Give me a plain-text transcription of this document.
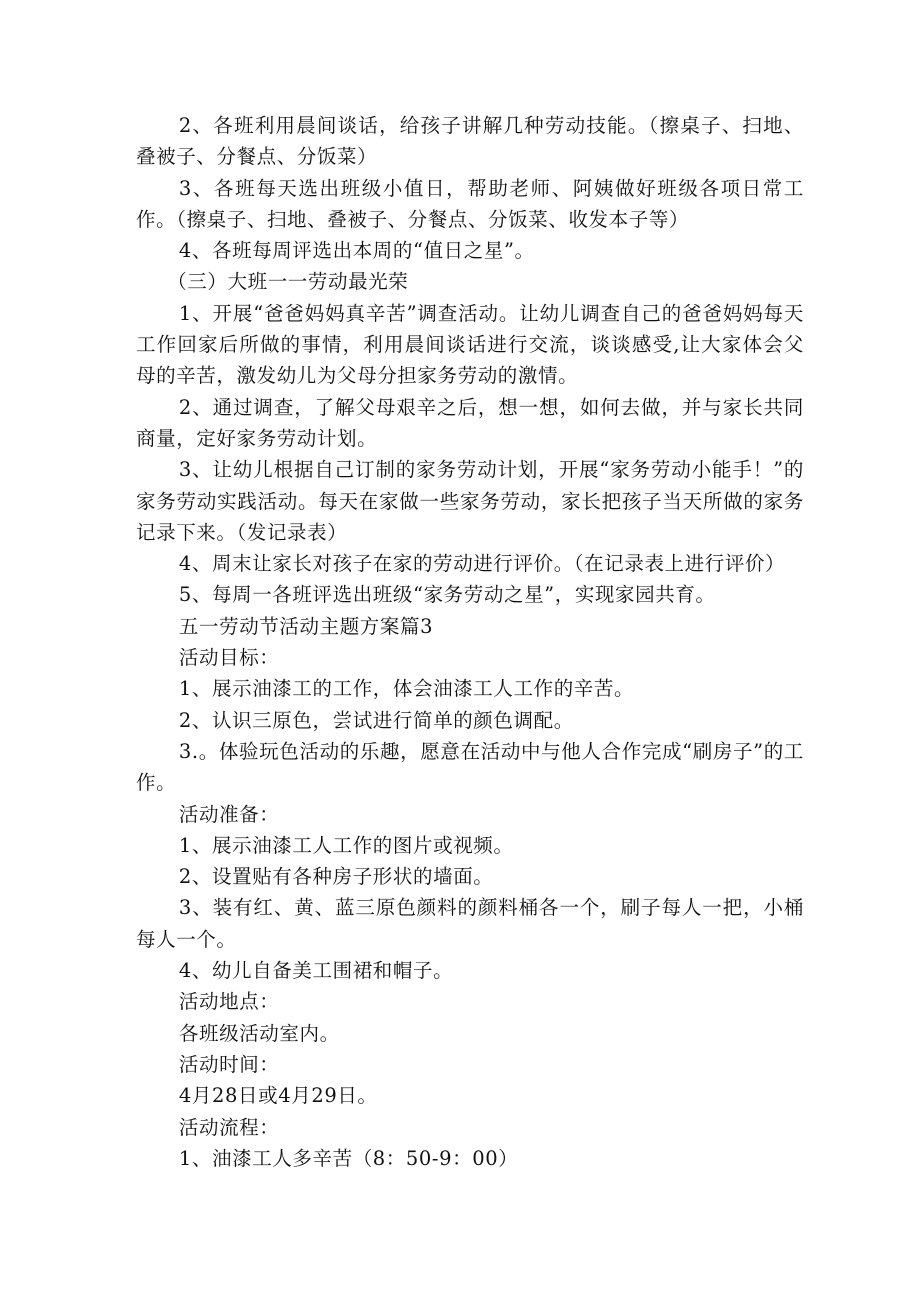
2、各班利用晨间谈话，给孩子讲解几种劳动技能。（擦桌子、扫地、叠被子、分餐点、分饭菜）

3、各班每天选出班级小值日，帮助老师、阿姨做好班级各项日常工作。（擦桌子、扫地、叠被子、分餐点、分饭菜、收发本子等）

4、各班每周评选出本周的“值日之星”。

（三）大班一一劳动最光荣

1、开展“爸爸妈妈真辛苦”调查活动。让幼儿调查自己的爸爸妈妈每天工作回家后所做的事情，利用晨间谈话进行交流，谈谈感受,让大家体会父母的辛苦，激发幼儿为父母分担家务劳动的激情。

2、通过调查，了解父母艰辛之后，想一想，如何去做，并与家长共同商量，定好家务劳动计划。

3、让幼儿根据自己订制的家务劳动计划，开展“家务劳动小能手！”的家务劳动实践活动。每天在家做一些家务劳动，家长把孩子当天所做的家务记录下来。（发记录表）

4、周末让家长对孩子在家的劳动进行评价。（在记录表上进行评价）

5、每周一各班评选出班级“家务劳动之星”，实现家园共育。

五一劳动节活动主题方案篇3

活动目标：

1、展示油漆工的工作，体会油漆工人工作的辛苦。

2、认识三原色，尝试进行简单的颜色调配。

3.。体验玩色活动的乐趣，愿意在活动中与他人合作完成“刷房子”的工作。

活动准备：

1、展示油漆工人工作的图片或视频。

2、设置贴有各种房子形状的墙面。

3、装有红、黄、蓝三原色颜料的颜料桶各一个，刷子每人一把，小桶每人一个。

4、幼儿自备美工围裙和帽子。

活动地点：

各班级活动室内。

活动时间：

4月28日或4月29日。

活动流程：

1、油漆工人多辛苦（8：50-9：00）
